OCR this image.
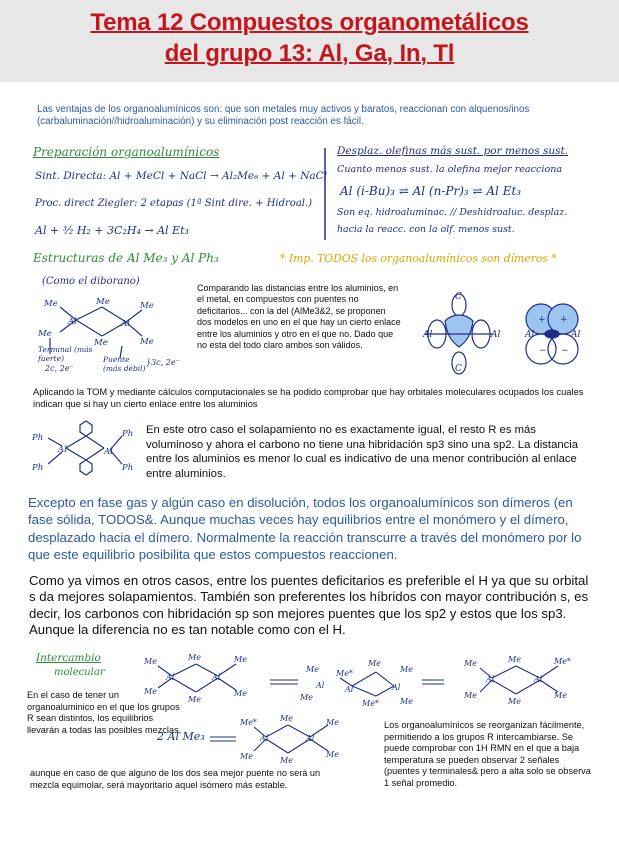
Tema 12 Compuestos organometálicos
del grupo 13: Al, Ga, In, Tl
Las ventajas de los organoalumínicos son: que son metales muy activos y baratos, reaccionan con alquenos/inos (carbaluminación//hidroaluminación) y su eliminación post reacción es fácil.
Preparación organoalumínicos
Sint. Directa: Al + MeCl + NaCl → Al₂Me₆ + Al + NaCl
Proc. direct Ziegler: 2 etapas (1ª Sint dire. + Hidroal.)
Al + ³⁄₂ H₂ + 3C₂H₄ → Al Et₃
Desplaz. olefinas más sust. por menos sust.
Cuanto menos sust. la olefina mejor reacciona
Al (i-Bu)₃ ⇌ Al (n-Pr)₃ ⇌ Al Et₃
Son eq. hidroaluminac. // Deshidroaluc. desplaz.
hacia la reacc. con la olf. menos sust.
Estructuras de Al Me₃ y Al Ph₃	* Imp. TODOS los organoalumínicos son dímeros *
(Como el diborano)
Me
Me
Al
Me
Me
Al
Me
Me
Terminal (más fuerte)
2c, 2e⁻
Puente (más débil)
}3c, 2e⁻
Comparando las distancias entre los aluminios, en el metal, en compuestos con puentes no deficitarios... con la del (AlMe3&2, se proponen dos modelos en uno en el que hay un cierto enlace entre los aluminios y otro en el que no. Dado que no esta del todo claro ambos son válidos.
C
C
Al	Al	Al	Al
+ +
− −
Aplicando la TOM y mediante cálculos computacionales se ha podido comprobar que hay orbitales moleculares ocupados los cuales indican que si hay un cierto enlace entre los aluminios
Ph
Ph
Al	Al
Ph
Ph
En este otro caso el solapamiento no es exactamente igual, el resto R es más voluminoso y ahora el carbono no tiene una hibridación sp3 sino una sp2. La distancia entre los aluminios es menor lo cual es indicativo de una menor contribución al enlace entre aluminios.
Excepto en fase gas y algún caso en disolución, todos los organoalumínicos son dímeros (en fase sólida, TODOS&. Aunque muchas veces hay equilibrios entre el monómero y el dímero, desplazado hacia el dímero. Normalmente la reacción transcurre a través del monómero por lo que este equilibrio posibilita que estos compuestos reaccionen.
Como ya vimos en otros casos, entre los puentes deficitarios es preferible el H ya que su orbital s da mejores solapamientos. También son preferentes los híbridos con mayor contribución s, es decir, los carbonos con hibridación sp son mejores puentes que los sp2 y estos que los sp3. Aunque la diferencia no es tan notable como con el H.
Intercambio
molecular
Me
Me
Al
Me
Me
Al
Me
Me
Me
Al
Me
Me*
Al
Me
Me*
Al
Me
Me
Me
Me
Al
Me
Me
Al
Me*
Me
En el caso de tener un organoaluminico en el que los grupos R sean distintos, los equilibrios llevarán a todas las posibles mezclas,
2 Al Me₃
Me*
Me
Al
Me
Me
Al
Me
Me
Los organoalumínicos se reorganizan fácilmente, permitiendo a los grupos R intercambiarse. Se puede comprobar con 1H RMN en el que a baja temperatura se pueden observar 2 señales (puentes y terminales& pero a alta solo se observa 1 señal promedio.
aunque en caso de que alguno de los dos sea mejor puente no será un mezcla equimolar, será mayoritario aquel isómero más estable.
